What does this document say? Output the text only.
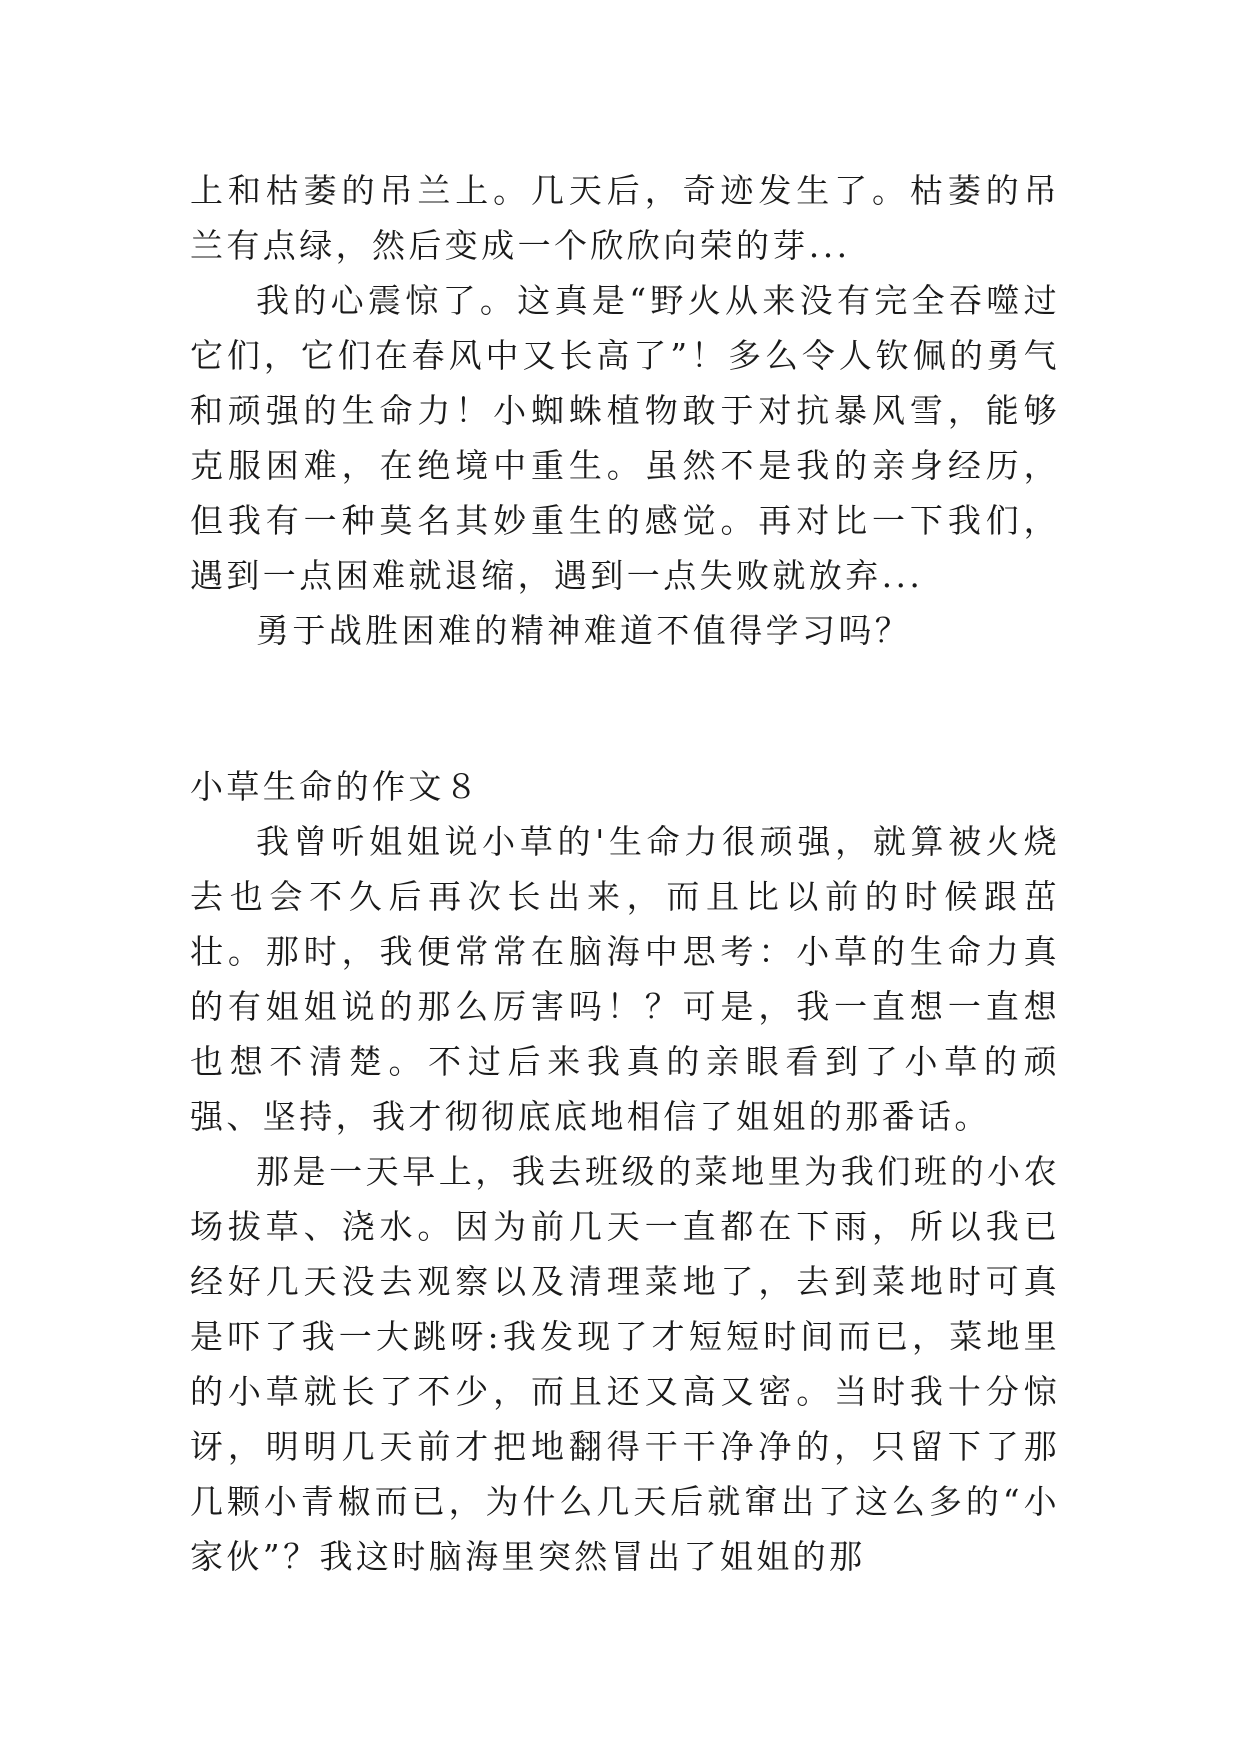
上和枯萎的吊兰上。几天后，奇迹发生了。枯萎的吊兰有点绿，然后变成一个欣欣向荣的芽...

我的心震惊了。这真是“野火从来没有完全吞噬过它们，它们在春风中又长高了”！多么令人钦佩的勇气和顽强的生命力！小蜘蛛植物敢于对抗暴风雪，能够克服困难，在绝境中重生。虽然不是我的亲身经历，但我有一种莫名其妙重生的感觉。再对比一下我们，遇到一点困难就退缩，遇到一点失败就放弃...

勇于战胜困难的精神难道不值得学习吗？

小草生命的作文８

我曾听姐姐说小草的'生命力很顽强，就算被火烧去也会不久后再次长出来，而且比以前的时候跟茁壮。那时，我便常常在脑海中思考：小草的生命力真的有姐姐说的那么厉害吗！？可是，我一直想一直想也想不清楚。不过后来我真的亲眼看到了小草的顽强、坚持，我才彻彻底底地相信了姐姐的那番话。

那是一天早上，我去班级的菜地里为我们班的小农场拔草、浇水。因为前几天一直都在下雨，所以我已经好几天没去观察以及清理菜地了，去到菜地时可真是吓了我一大跳呀:我发现了才短短时间而已，菜地里的小草就长了不少，而且还又高又密。当时我十分惊讶，明明几天前才把地翻得干干净净的，只留下了那几颗小青椒而已，为什么几天后就窜出了这么多的“小家伙”？我这时脑海里突然冒出了姐姐的那
